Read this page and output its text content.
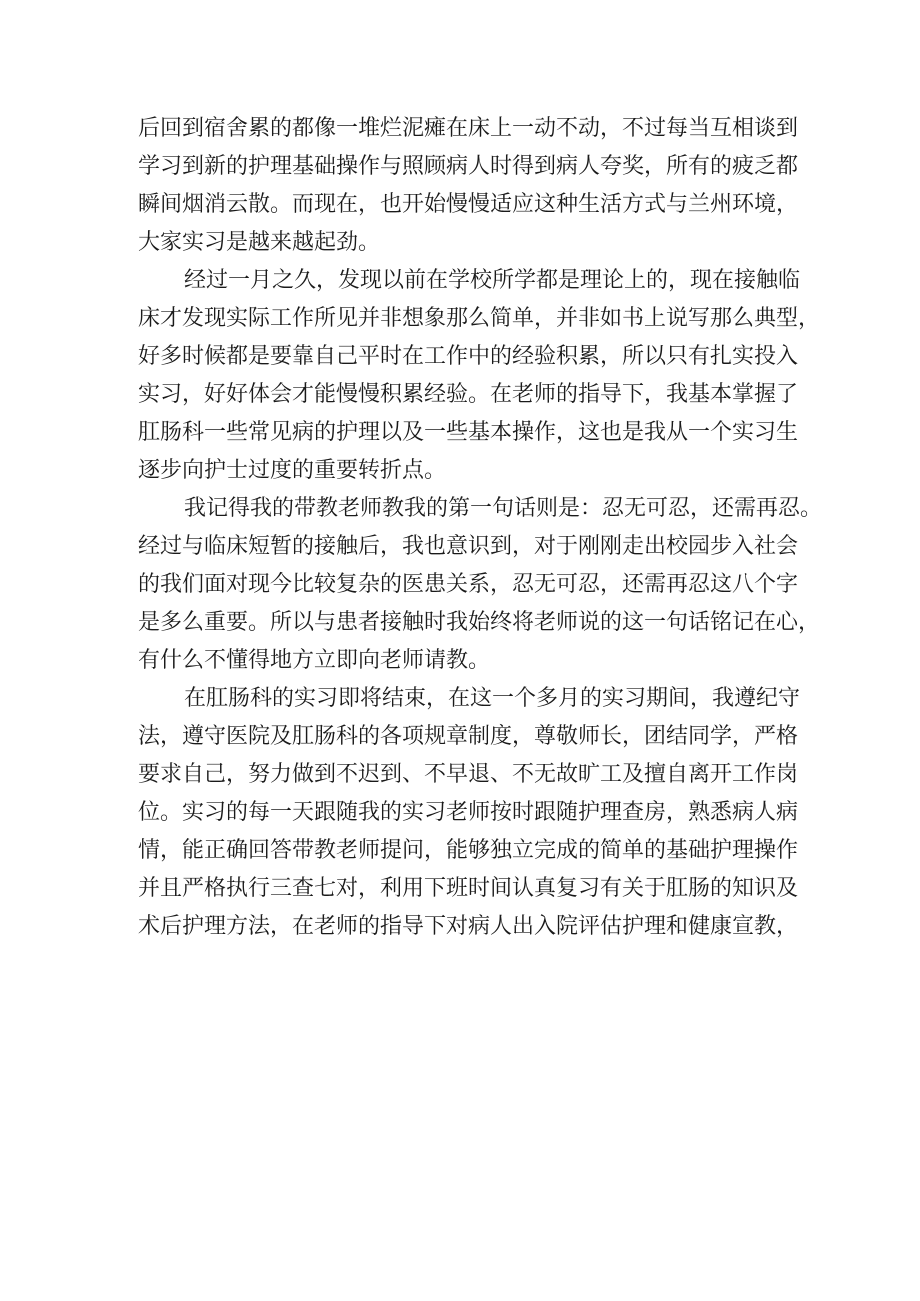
后回到宿舍累的都像一堆烂泥瘫在床上一动不动，不过每当互相谈到
学习到新的护理基础操作与照顾病人时得到病人夸奖，所有的疲乏都
瞬间烟消云散。而现在，也开始慢慢适应这种生活方式与兰州环境，
大家实习是越来越起劲。
经过一月之久，发现以前在学校所学都是理论上的，现在接触临
床才发现实际工作所见并非想象那么简单，并非如书上说写那么典型，
好多时候都是要靠自己平时在工作中的经验积累，所以只有扎实投入
实习，好好体会才能慢慢积累经验。在老师的指导下，我基本掌握了
肛肠科一些常见病的护理以及一些基本操作，这也是我从一个实习生
逐步向护士过度的重要转折点。
我记得我的带教老师教我的第一句话则是：忍无可忍，还需再忍。
经过与临床短暂的接触后，我也意识到，对于刚刚走出校园步入社会
的我们面对现今比较复杂的医患关系，忍无可忍，还需再忍这八个字
是多么重要。所以与患者接触时我始终将老师说的这一句话铭记在心，
有什么不懂得地方立即向老师请教。
在肛肠科的实习即将结束，在这一个多月的实习期间，我遵纪守
法，遵守医院及肛肠科的各项规章制度，尊敬师长，团结同学，严格
要求自己，努力做到不迟到、不早退、不无故旷工及擅自离开工作岗
位。实习的每一天跟随我的实习老师按时跟随护理查房，熟悉病人病
情，能正确回答带教老师提问，能够独立完成的简单的基础护理操作
并且严格执行三查七对，利用下班时间认真复习有关于肛肠的知识及
术后护理方法，在老师的指导下对病人出入院评估护理和健康宣教，
